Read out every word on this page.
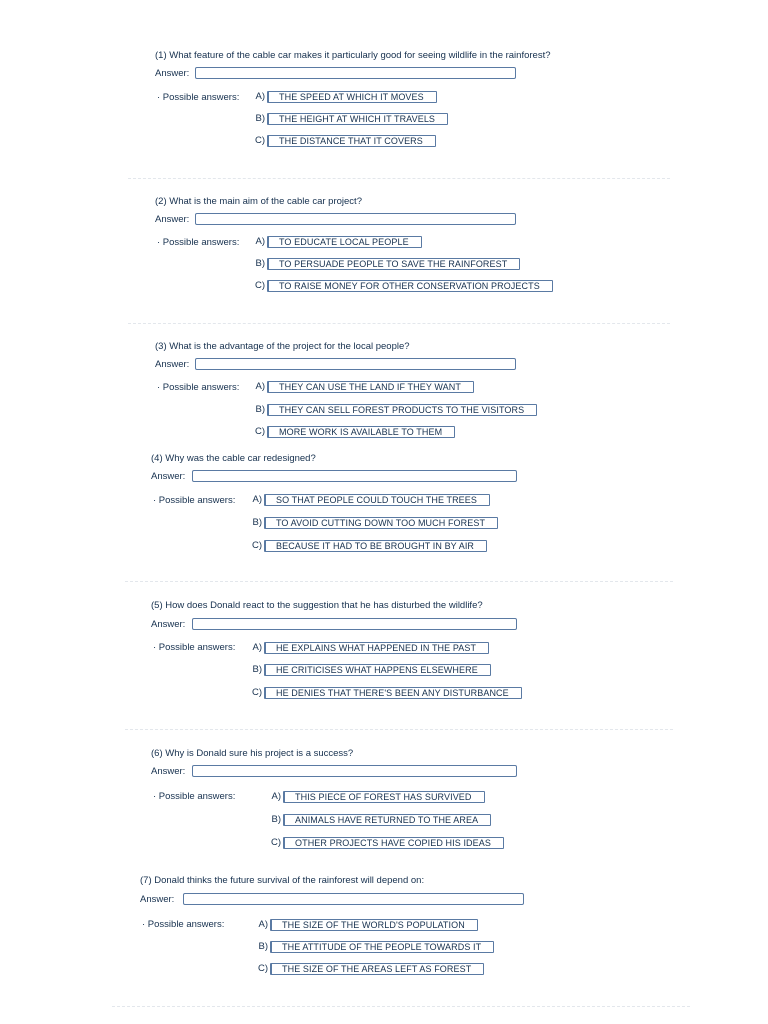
(1) What feature of the cable car makes it particularly good for seeing wildlife in the rainforest?
Answer:
· Possible answers:	A)	THE SPEED AT WHICH IT MOVES
B)	THE HEIGHT AT WHICH IT TRAVELS
C)	THE DISTANCE THAT IT COVERS
(2) What is the main aim of the cable car project?
Answer:
· Possible answers:	A)	TO EDUCATE LOCAL PEOPLE
B)	TO PERSUADE PEOPLE TO SAVE THE RAINFOREST
C)	TO RAISE MONEY FOR OTHER CONSERVATION PROJECTS
(3) What is the advantage of the project for the local people?
Answer:
· Possible answers:	A)	THEY CAN USE THE LAND IF THEY WANT
B)	THEY CAN SELL FOREST PRODUCTS TO THE VISITORS
C)	MORE WORK IS AVAILABLE TO THEM
(4) Why was the cable car redesigned?
Answer:
· Possible answers:	A)	SO THAT PEOPLE COULD TOUCH THE TREES
B)	TO AVOID CUTTING DOWN TOO MUCH FOREST
C)	BECAUSE IT HAD TO BE BROUGHT IN BY AIR
(5) How does Donald react to the suggestion that he has disturbed the wildlife?
Answer:
· Possible answers:	A)	HE EXPLAINS WHAT HAPPENED IN THE PAST
B)	HE CRITICISES WHAT HAPPENS ELSEWHERE
C)	HE DENIES THAT THERE'S BEEN ANY DISTURBANCE
(6) Why is Donald sure his project is a success?
Answer:
· Possible answers:	A)	THIS PIECE OF FOREST HAS SURVIVED
B)	ANIMALS HAVE RETURNED TO THE AREA
C)	OTHER PROJECTS HAVE COPIED HIS IDEAS
(7) Donald thinks the future survival of the rainforest will depend on:
Answer:
· Possible answers:	A)	THE SIZE OF THE WORLD'S POPULATION
B)	THE ATTITUDE OF THE PEOPLE TOWARDS IT
C)	THE SIZE OF THE AREAS LEFT AS FOREST
